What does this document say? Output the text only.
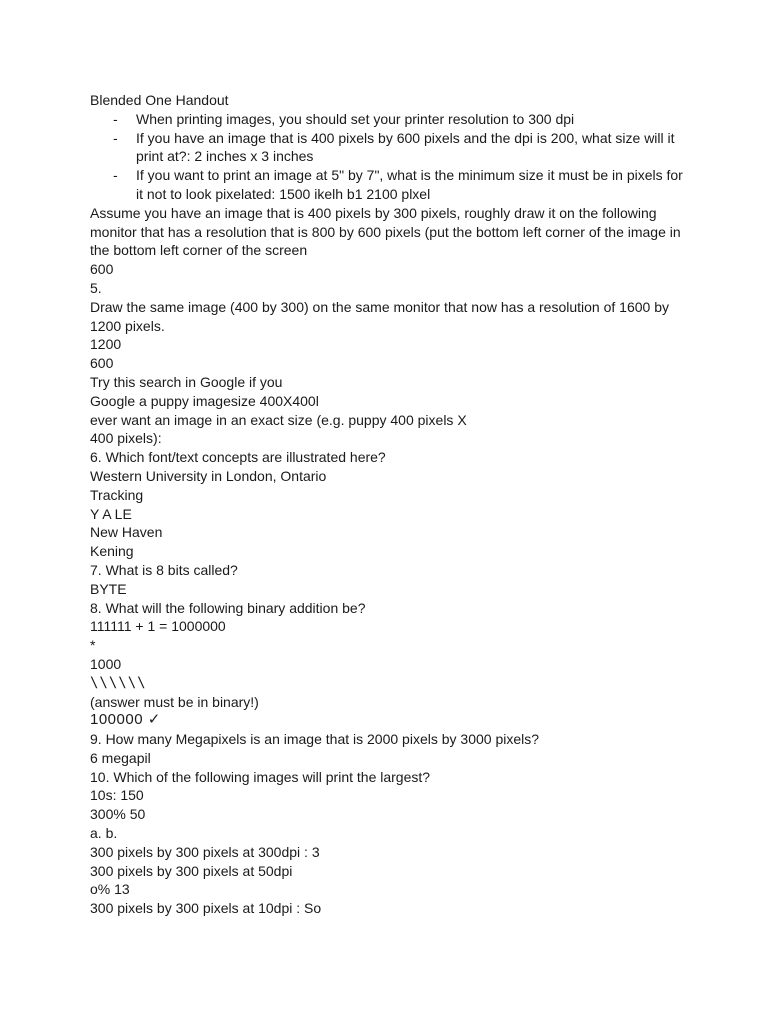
Blended One Handout

- When printing images, you should set your printer resolution to 300 dpi
- If you have an image that is 400 pixels by 600 pixels and the dpi is 200, what size will it print at?: 2 inches x 3 inches
- If you want to print an image at 5" by 7", what is the minimum size it must be in pixels for it not to look pixelated: 1500 ikelh b1 2100 plxel

Assume you have an image that is 400 pixels by 300 pixels, roughly draw it on the following monitor that has a resolution that is 800 by 600 pixels (put the bottom left corner of the image in the bottom left corner of the screen

600

5.

Draw the same image (400 by 300) on the same monitor that now has a resolution of 1600 by 1200 pixels.

1200

600

Try this search in Google if you

Google a puppy imagesize 400X400l

ever want an image in an exact size (e.g. puppy 400 pixels X

400 pixels):

6. Which font/text concepts are illustrated here?

Western University in London, Ontario

Tracking

Y A LE

New Haven

Kening

7. What is 8 bits called?

BYTE

8. What will the following binary addition be?

111111 + 1 = 1000000

*

1000

\\\\\\

(answer must be in binary!)

100000 ✓

9. How many Megapixels is an image that is 2000 pixels by 3000 pixels?

6 megapil

10. Which of the following images will print the largest?

10s: 150

300% 50

a. b.

300 pixels by 300 pixels at 300dpi : 3

300 pixels by 300 pixels at 50dpi

o% 13

300 pixels by 300 pixels at 10dpi : So
